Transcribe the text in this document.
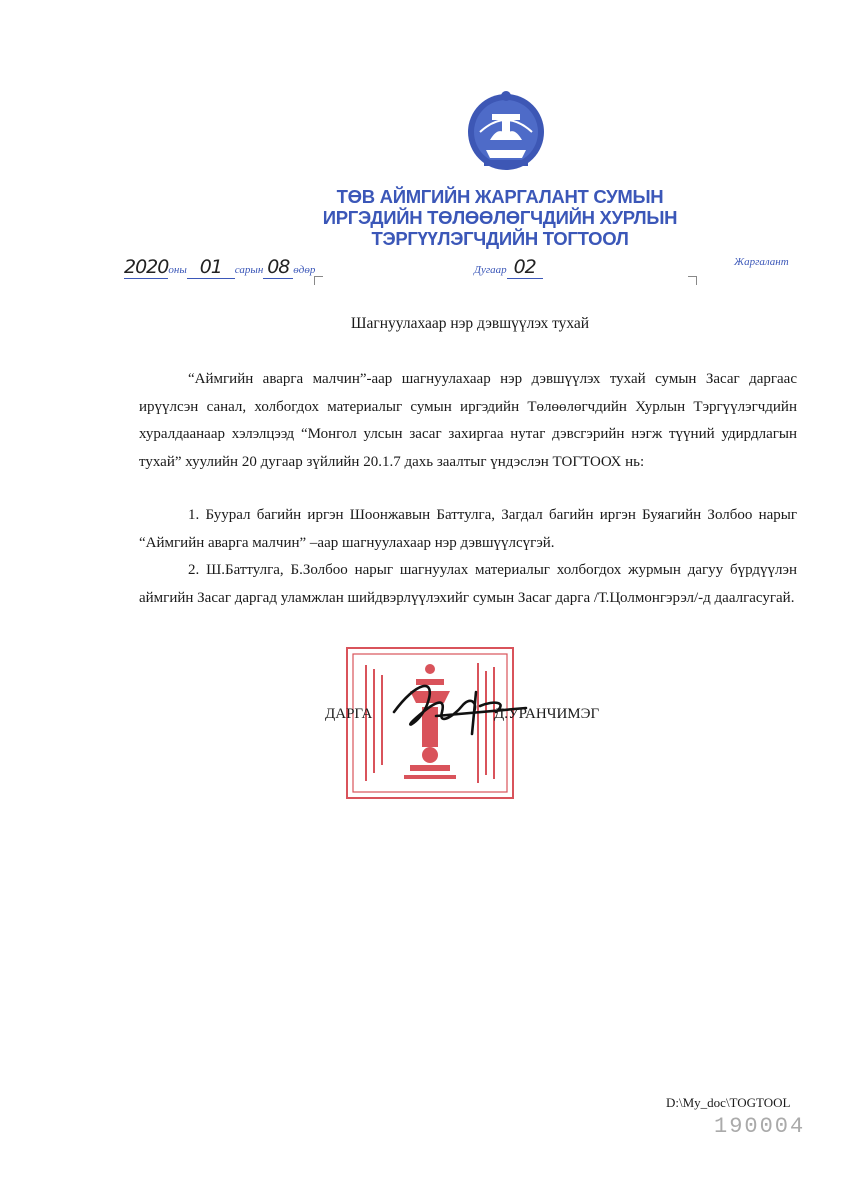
ТӨВ АЙМГИЙН ЖАРГАЛАНТ СУМЫН
ИРГЭДИЙН ТӨЛӨӨЛӨГЧДИЙН ХУРЛЫН
ТЭРГҮҮЛЭГЧДИЙН ТОГТООЛ
2020оны 01 сарын 08 өдөр	Дугаар 02	Жаргалант
Шагнуулахаар нэр дэвшүүлэх тухай
“Аймгийн аварга малчин”-аар шагнуулахаар нэр дэвшүүлэх тухай сумын Засаг даргаас ирүүлсэн санал, холбогдох материалыг сумын иргэдийн Төлөөлөгчдийн Хурлын Тэргүүлэгчдийн хуралдаанаар хэлэлцээд “Монгол улсын засаг захиргаа нутаг дэвсгэрийн нэгж түүний удирдлагын тухай” хуулийн 20 дугаар зүйлийн 20.1.7 дахь заалтыг үндэслэн ТОГТООХ нь:
1. Буурал багийн иргэн Шоонжавын Баттулга, Загдал багийн иргэн Буяагийн Золбоо нарыг “Аймгийн аварга малчин” –аар шагнуулахаар нэр дэвшүүлсүгэй.
2. Ш.Баттулга, Б.Золбоо нарыг шагнуулах материалыг холбогдох журмын дагуу бүрдүүлэн аймгийн Засаг даргад уламжлан шийдвэрлүүлэхийг сумын Засаг дарга /Т.Цолмонгэрэл/-д даалгасугай.
ДАРГА	Д.УРАНЧИМЭГ
D:\My_doc\TOGTOOL
190004
